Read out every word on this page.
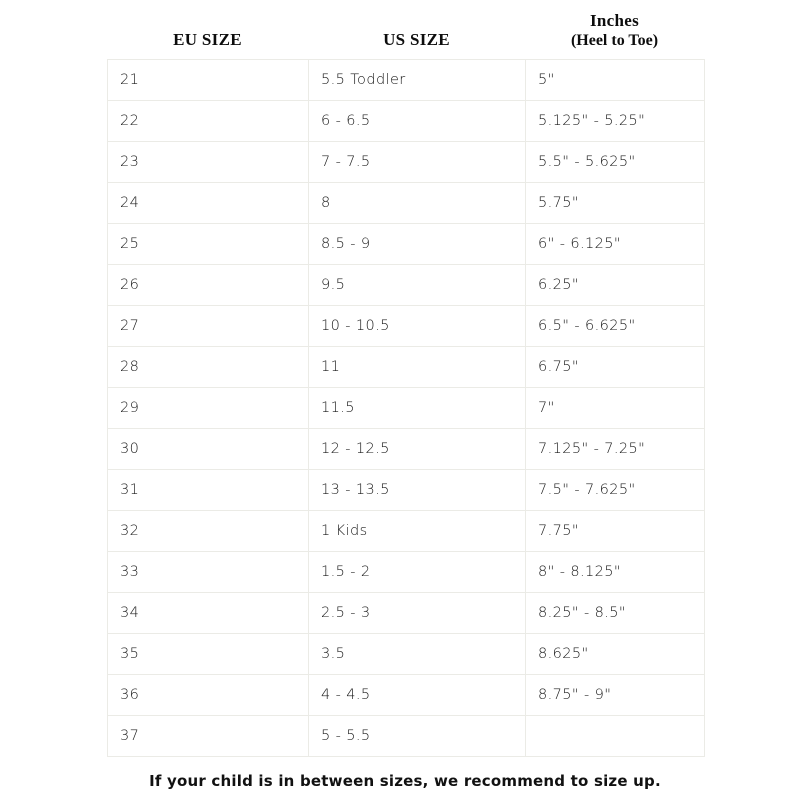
EU SIZE	US SIZE
Inches
(Heel to Toe)
21	5.5 Toddler	5"
22	6 - 6.5	5.125" - 5.25"
23	7 - 7.5	5.5" - 5.625"
24	8	5.75"
25	8.5 - 9	6" - 6.125"
26	9.5	6.25"
27	10 - 10.5	6.5" - 6.625"
28	11	6.75"
29	11.5	7"
30	12 - 12.5	7.125" - 7.25"
31	13 - 13.5	7.5" - 7.625"
32	1 Kids	7.75"
33	1.5 - 2	8" - 8.125"
34	2.5 - 3	8.25" - 8.5"
35	3.5	8.625"
36	4 - 4.5	8.75" - 9"
37	5 - 5.5	
If your child is in between sizes, we recommend to size up.
